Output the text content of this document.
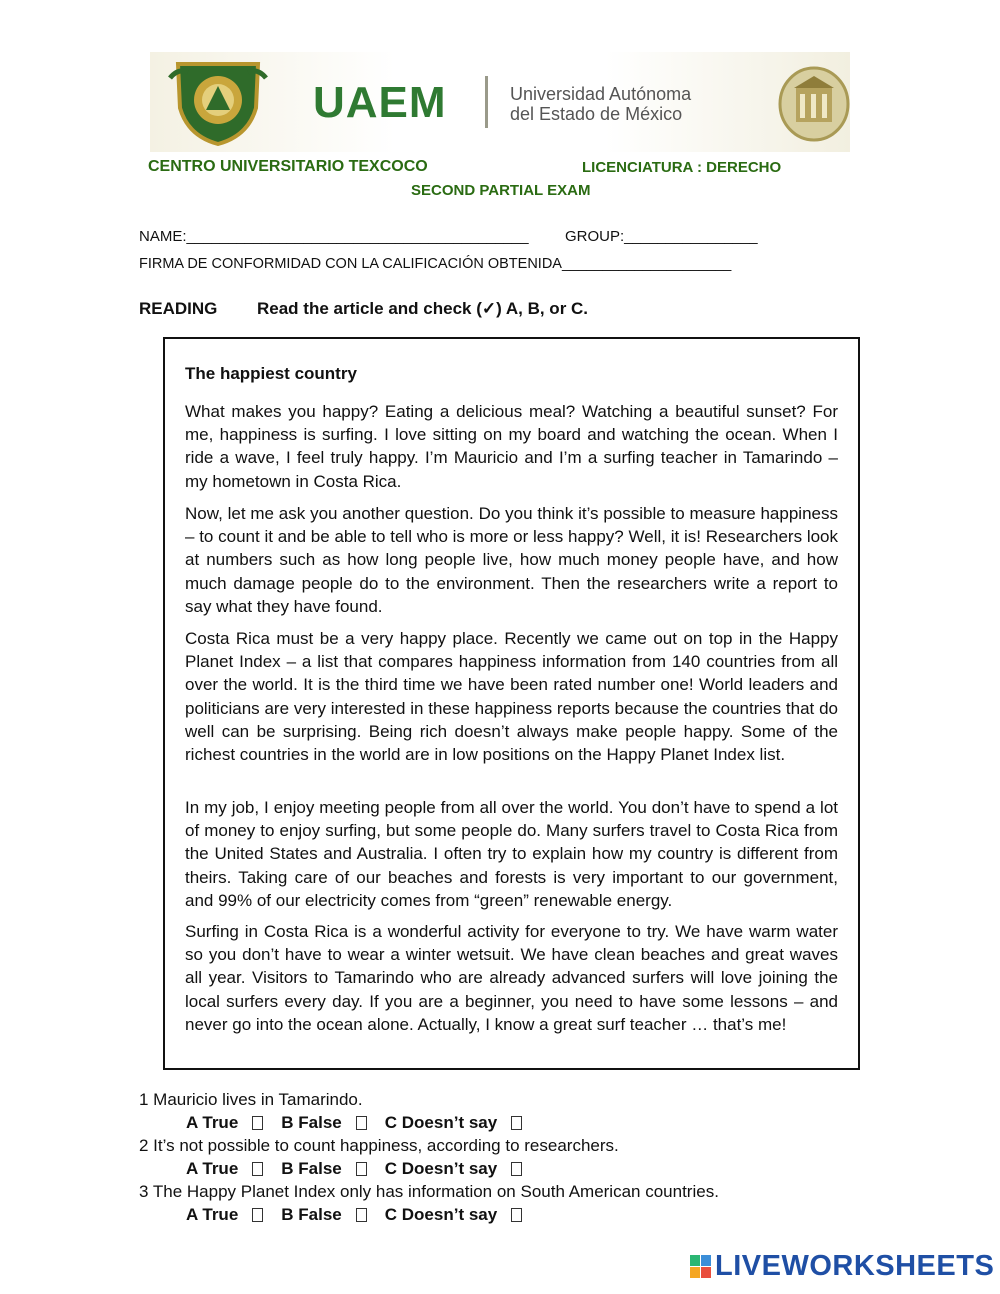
UAEM	Universidad Autónoma
del Estado de México
CENTRO UNIVERSITARIO TEXCOCO	LICENCIATURA : DERECHO
SECOND PARTIAL EXAM
NAME:_________________________________________ GROUP:________________
FIRMA DE CONFORMIDAD CON LA CALIFICACIÓN OBTENIDA_____________________
READING Read the article and check (✓) A, B, or C.
The happiest country

What makes you happy? Eating a delicious meal? Watching a beautiful sunset? For me, happiness is surfing. I love sitting on my board and watching the ocean. When I ride a wave, I feel truly happy. I’m Mauricio and I’m a surfing teacher in Tamarindo – my hometown in Costa Rica.

Now, let me ask you another question. Do you think it’s possible to measure happiness – to count it and be able to tell who is more or less happy? Well, it is! Researchers look at numbers such as how long people live, how much money people have, and how much damage people do to the environment. Then the researchers write a report to say what they have found.

Costa Rica must be a very happy place. Recently we came out on top in the Happy Planet Index – a list that compares happiness information from 140 countries from all over the world. It is the third time we have been rated number one! World leaders and politicians are very interested in these happiness reports because the countries that do well can be surprising. Being rich doesn’t always make people happy. Some of the richest countries in the world are in low positions on the Happy Planet Index list.

In my job, I enjoy meeting people from all over the world. You don’t have to spend a lot of money to enjoy surfing, but some people do. Many surfers travel to Costa Rica from the United States and Australia. I often try to explain how my country is different from theirs. Taking care of our beaches and forests is very important to our government, and 99% of our electricity comes from “green” renewable energy.

Surfing in Costa Rica is a wonderful activity for everyone to try. We have warm water so you don’t have to wear a winter wetsuit. We have clean beaches and great waves all year. Visitors to Tamarindo who are already advanced surfers will love joining the local surfers every day. If you are a beginner, you need to have some lessons – and never go into the ocean alone. Actually, I know a great surf teacher … that’s me!

1 Mauricio lives in Tamarindo.
A True	B False	C Doesn’t say
2 It’s not possible to count happiness, according to researchers.
A True	B False	C Doesn’t say
3 The Happy Planet Index only has information on South American countries.
A True	B False	C Doesn’t say
LIVEWORKSHEETS
